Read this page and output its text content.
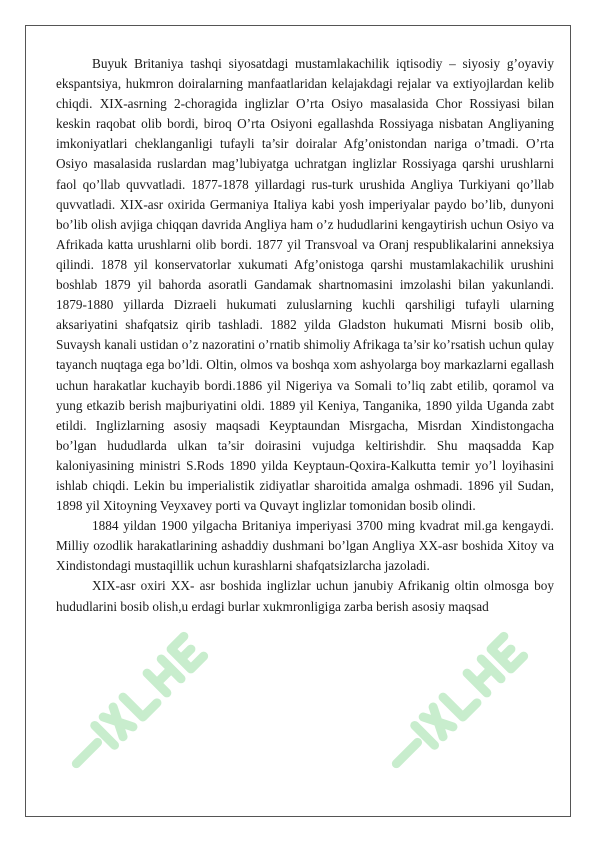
Buyuk Britaniya tashqi siyosatdagi mustamlakachilik iqtisodiy – siyosiy g’oyaviy ekspantsiya, hukmron doiralarning manfaatlaridan kelajakdagi rejalar va extiyojlardan kelib chiqdi. XIX-asrning 2-choragida inglizlar O’rta Osiyo masalasida Chor Rossiyasi bilan keskin raqobat olib bordi, biroq O’rta Osiyoni egallashda Rossiyaga nisbatan Angliyaning imkoniyatlari cheklanganligi tufayli ta’sir doiralar Afg’onistondan nariga o’tmadi. O’rta Osiyo masalasida ruslardan mag’lubiyatga uchratgan inglizlar Rossiyaga qarshi urushlarni faol qo’llab quvvatladi. 1877-1878 yillardagi rus-turk urushida Angliya Turkiyani qo’llab quvvatladi. XIX-asr oxirida Germaniya Italiya kabi yosh imperiyalar paydo bo’lib, dunyoni bo’lib olish avjiga chiqqan davrida Angliya ham o’z hududlarini kengaytirish uchun Osiyo va Afrikada katta urushlarni olib bordi. 1877 yil Transvoal va Oranj respublikalarini anneksiya qilindi. 1878 yil konservatorlar xukumati Afg’onistoga qarshi mustamlakachilik urushini boshlab 1879 yil bahorda asoratli Gandamak shartnomasini imzolashi bilan yakunlandi. 1879-1880 yillarda Dizraeli hukumati zuluslarning kuchli qarshiligi tufayli ularning aksariyatini shafqatsiz qirib tashladi. 1882 yilda Gladston hukumati Misrni bosib olib, Suvaysh kanali ustidan o’z nazoratini o’rnatib shimoliy Afrikaga ta’sir ko’rsatish uchun qulay tayanch nuqtaga ega bo’ldi. Oltin, olmos va boshqa xom ashyolarga boy markazlarni egallash uchun harakatlar kuchayib bordi.1886 yil Nigeriya va Somali to’liq zabt etilib, qoramol va yung etkazib berish majburiyatini oldi. 1889 yil Keniya, Tanganika, 1890 yilda Uganda zabt etildi. Inglizlarning asosiy maqsadi Keyptaundan Misrgacha, Misrdan Xindistongacha bo’lgan hududlarda ulkan ta’sir doirasini vujudga keltirishdir. Shu maqsadda Kap kaloniyasining ministri S.Rods 1890 yilda Keyptaun-Qoxira-Kalkutta temir yo’l loyihasini ishlab chiqdi. Lekin bu imperialistik zidiyatlar sharoitida amalga oshmadi. 1896 yil Sudan, 1898 yil Xitoyning Veyxavey porti va Quvayt inglizlar tomonidan bosib olindi.

1884 yildan 1900 yilgacha Britaniya imperiyasi 3700 ming kvadrat mil.ga kengaydi. Milliy ozodlik harakatlarining ashaddiy dushmani bo’lgan Angliya XX-asr boshida Xitoy va Xindistondagi mustaqillik uchun kurashlarni shafqatsizlarcha jazoladi.

XIX-asr oxiri XX- asr boshida inglizlar uchun janubiy Afrikanig oltin olmosga boy hududlarini bosib olish,u erdagi burlar xukmronligiga zarba berish asosiy maqsad
